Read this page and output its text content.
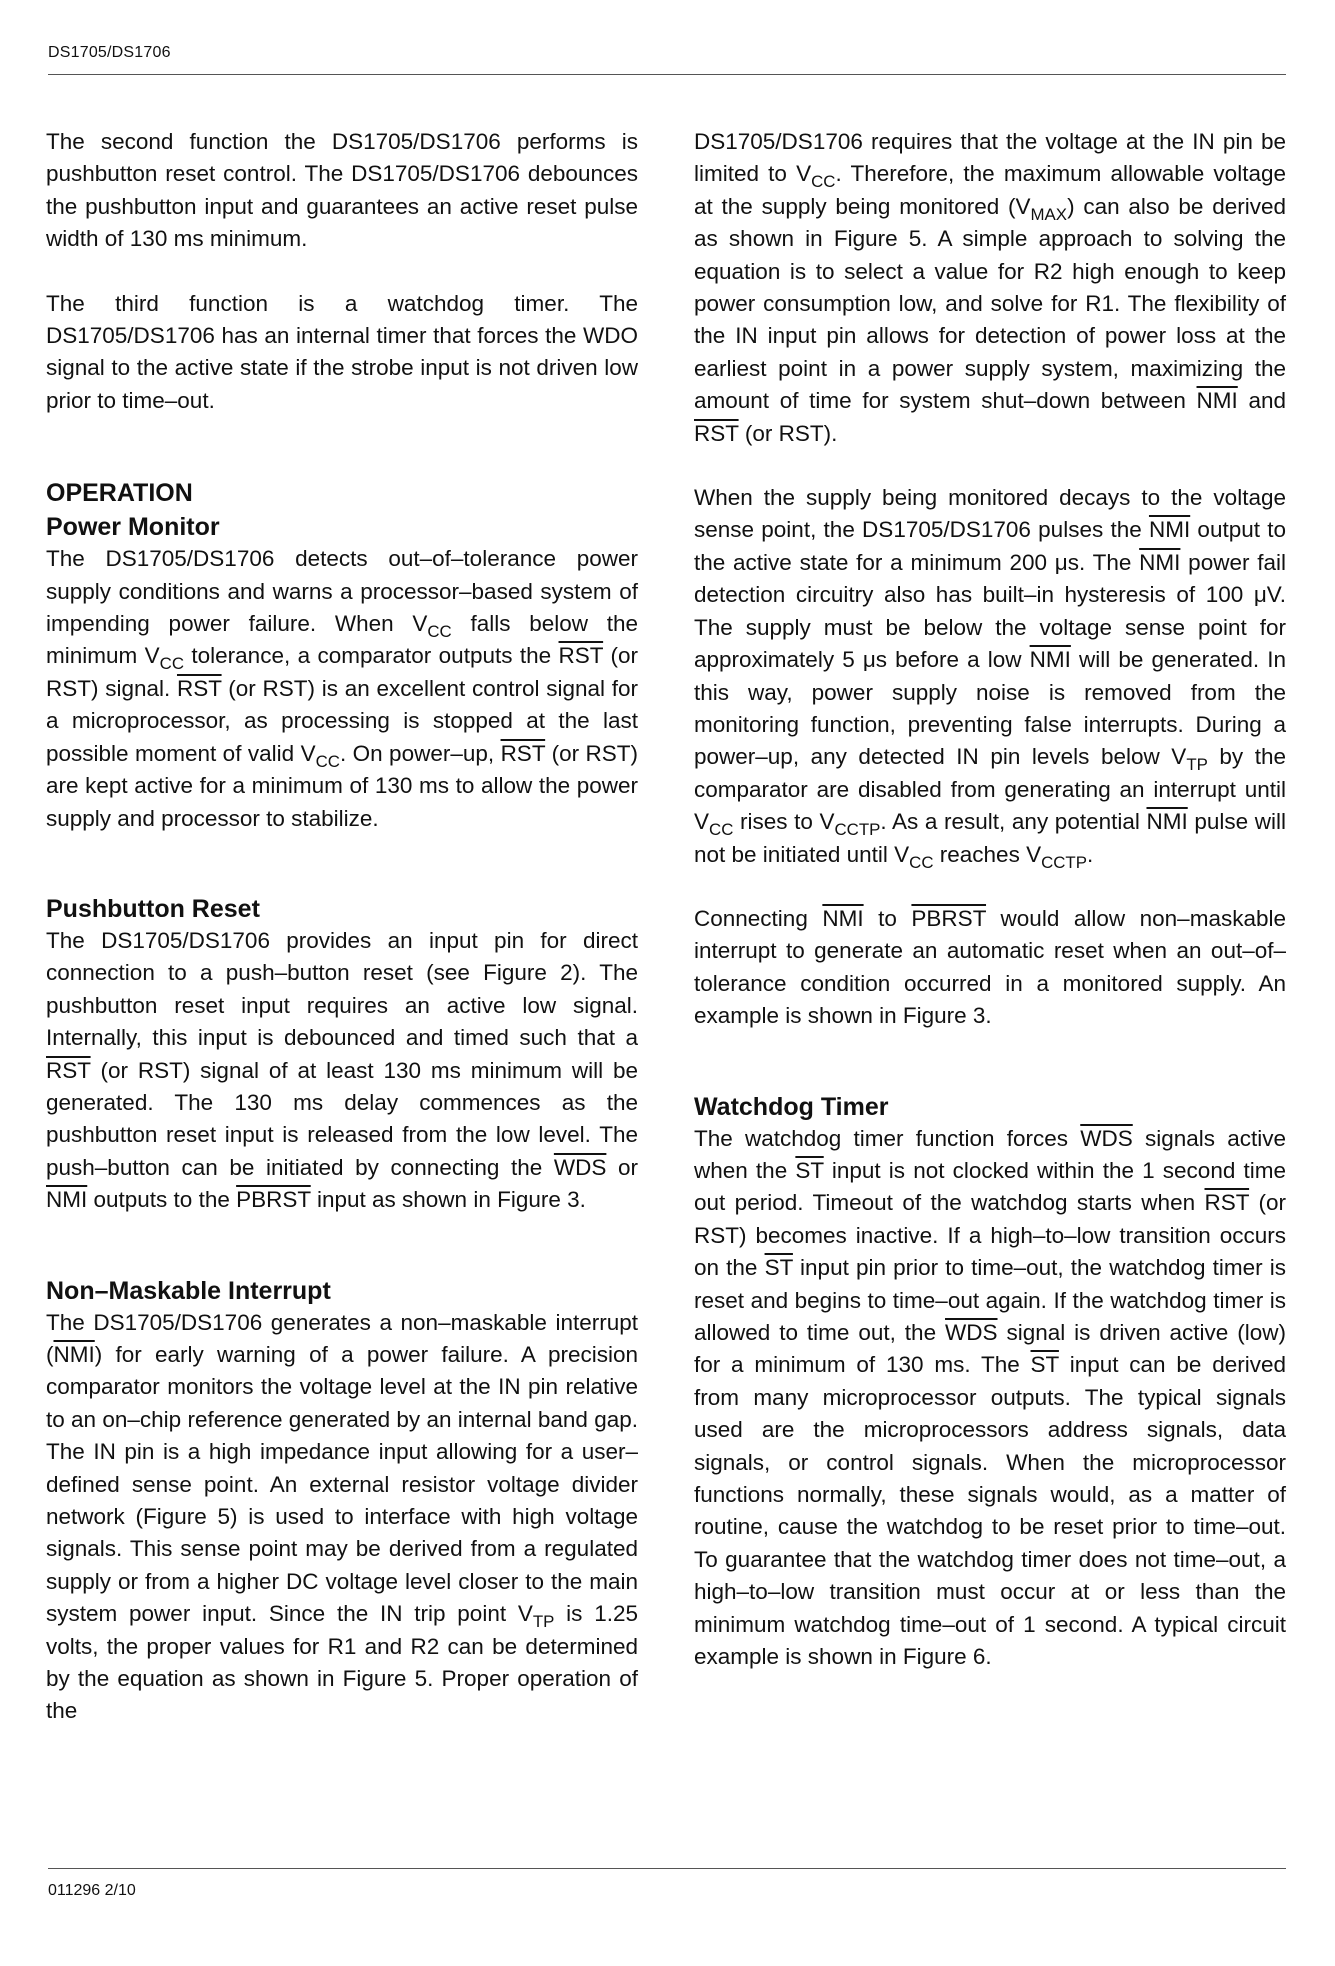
DS1705/DS1706

The second function the DS1705/DS1706 performs is pushbutton reset control. The DS1705/DS1706 debounces the pushbutton input and guarantees an active reset pulse width of 130 ms minimum.

The third function is a watchdog timer. The DS1705/DS1706 has an internal timer that forces the WDO signal to the active state if the strobe input is not driven low prior to time–out.

OPERATION
Power Monitor

The DS1705/DS1706 detects out–of–tolerance power supply conditions and warns a processor–based system of impending power failure. When $V_{CC}$ falls below the minimum $V_{CC}$ tolerance, a comparator outputs the $\overline{RST}$ (or RST) signal. $\overline{RST}$ (or RST) is an excellent control signal for a microprocessor, as processing is stopped at the last possible moment of valid $V_{CC}$. On power–up, $\overline{RST}$ (or RST) are kept active for a minimum of 130 ms to allow the power supply and processor to stabilize.

Pushbutton Reset

The DS1705/DS1706 provides an input pin for direct connection to a push–button reset (see Figure 2). The pushbutton reset input requires an active low signal. Internally, this input is debounced and timed such that a $\overline{RST}$ (or RST) signal of at least 130 ms minimum will be generated. The 130 ms delay commences as the pushbutton reset input is released from the low level. The push–button can be initiated by connecting the $\overline{WDS}$ or $\overline{NMI}$ outputs to the PBRST input as shown in Figure 3.

Non–Maskable Interrupt

The DS1705/DS1706 generates a non–maskable interrupt $(\overline{NMI})$ for early warning of a power failure. A precision comparator monitors the voltage level at the IN pin relative to an on–chip reference generated by an internal band gap. The IN pin is a high impedance input allowing for a user–defined sense point. An external resistor voltage divider network (Figure 5) is used to interface with high voltage signals. This sense point may be derived from a regulated supply or from a higher DC voltage level closer to the main system power input. Since the IN trip point $V_{TP}$ is 1.25 volts, the proper values for R1 and R2 can be determined by the equation as shown in Figure 5. Proper operation of the

DS1705/DS1706 requires that the voltage at the IN pin be limited to $V_{CC}$. Therefore, the maximum allowable voltage at the supply being monitored $(V_{MAX})$ can also be derived as shown in Figure 5. A simple approach to solving the equation is to select a value for R2 high enough to keep power consumption low, and solve for R1. The flexibility of the IN input pin allows for detection of power loss at the earliest point in a power supply system, maximizing the amount of time for system shut–down between $\overline{NMI}$ and $\overline{RST}$ (or RST).

When the supply being monitored decays to the voltage sense point, the DS1705/DS1706 pulses the $\overline{NMI}$ output to the active state for a minimum 200 μs. The $\overline{NMI}$ power fail detection circuitry also has built–in hysteresis of 100 μV. The supply must be below the voltage sense point for approximately 5 μs before a low $\overline{NMI}$ will be generated. In this way, power supply noise is removed from the monitoring function, preventing false interrupts. During a power–up, any detected IN pin levels below $V_{TP}$ by the comparator are disabled from generating an interrupt until $V_{CC}$ rises to $V_{CCTP}$. As a result, any potential $\overline{NMI}$ pulse will not be initiated until $V_{CC}$ reaches $V_{CCTP}$.

Connecting $\overline{NMI}$ to PBRST would allow non–maskable interrupt to generate an automatic reset when an out–of–tolerance condition occurred in a monitored supply. An example is shown in Figure 3.

Watchdog Timer

The watchdog timer function forces $\overline{WDS}$ signals active when the $\overline{ST}$ input is not clocked within the 1 second time out period. Timeout of the watchdog starts when $\overline{RST}$ (or RST) becomes inactive. If a high–to–low transition occurs on the $\overline{ST}$ input pin prior to time–out, the watchdog timer is reset and begins to time–out again. If the watchdog timer is allowed to time out, the $\overline{WDS}$ signal is driven active (low) for a minimum of 130 ms. The $\overline{ST}$ input can be derived from many microprocessor outputs. The typical signals used are the microprocessors address signals, data signals, or control signals. When the microprocessor functions normally, these signals would, as a matter of routine, cause the watchdog to be reset prior to time–out. To guarantee that the watchdog timer does not time–out, a high–to–low transition must occur at or less than the minimum watchdog time–out of 1 second. A typical circuit example is shown in Figure 6.

011296 2/10
